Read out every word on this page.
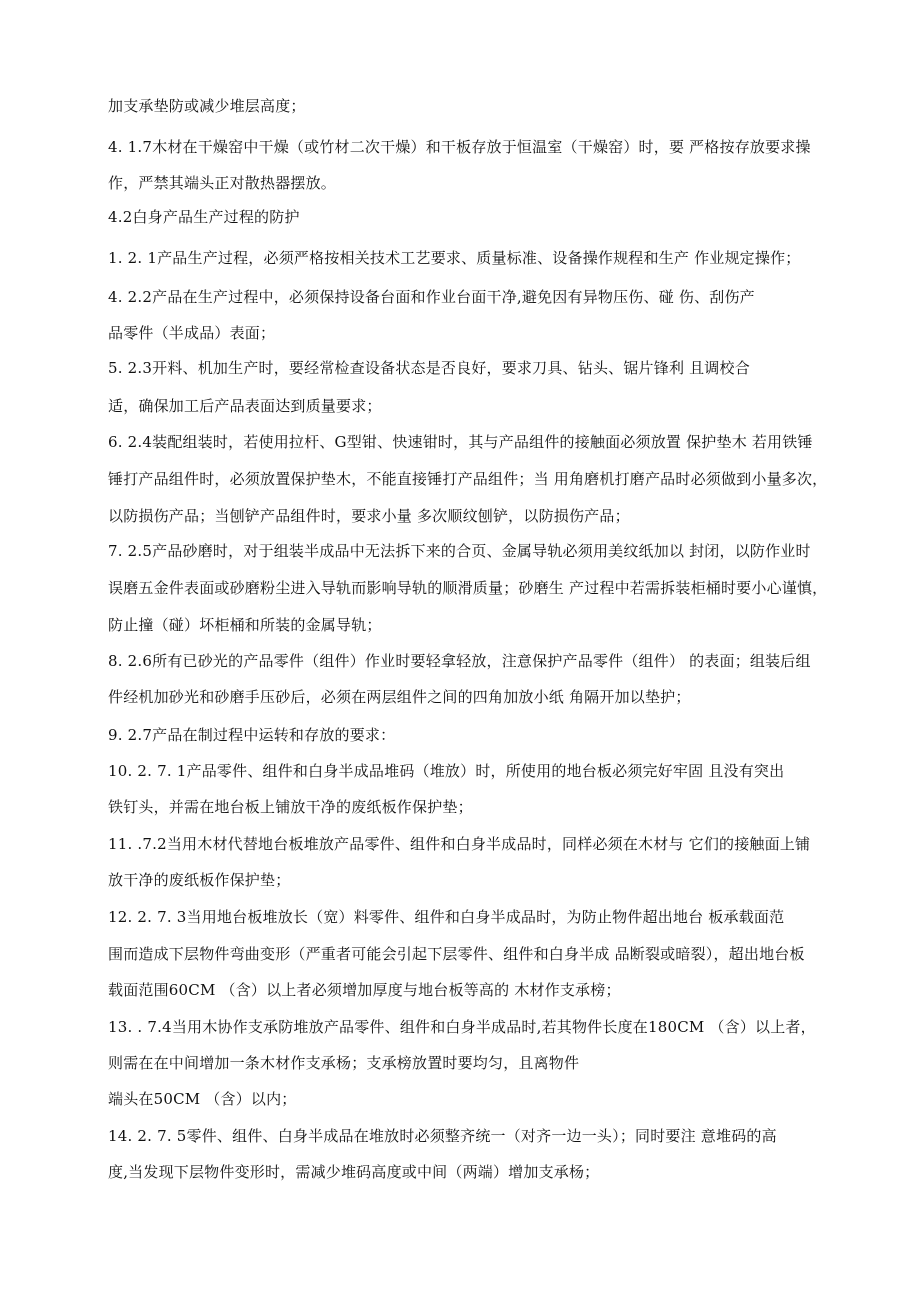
加支承垫防或减少堆层高度；
4. 1.7木材在干燥窑中干燥（或竹材二次干燥）和干板存放于恒温室（干燥窑）时，要 严格按存放要求操
作，严禁其端头正对散热器摆放。
4.2白身产品生产过程的防护
1. 2. 1产品生产过程，必须严格按相关技术工艺要求、质量标准、设备操作规程和生产 作业规定操作；
4. 2.2产品在生产过程中，必须保持设备台面和作业台面干净,避免因有异物压伤、碰 伤、刮伤产
品零件（半成品）表面；
5. 2.3开料、机加生产时，要经常检查设备状态是否良好，要求刀具、钻头、锯片锋利 且调校合
适，确保加工后产品表面达到质量要求；
6. 2.4装配组装时，若使用拉杆、G型钳、快速钳时，其与产品组件的接触面必须放置 保护垫木 若用铁锤
锤打产品组件时，必须放置保护垫木，不能直接锤打产品组件；当 用角磨机打磨产品时必须做到小量多次，
以防损伤产品；当刨铲产品组件时，要求小量 多次顺纹刨铲，以防损伤产品；
7. 2.5产品砂磨时，对于组装半成品中无法拆下来的合页、金属导轨必须用美纹纸加以 封闭，以防作业时
误磨五金件表面或砂磨粉尘进入导轨而影响导轨的顺滑质量；砂磨生 产过程中若需拆装柜桶时要小心谨慎，
防止撞（碰）坏柜桶和所装的金属导轨；
8. 2.6所有已砂光的产品零件（组件）作业时要轻拿轻放，注意保护产品零件（组件） 的表面；组装后组
件经机加砂光和砂磨手压砂后，必须在两层组件之间的四角加放小纸 角隔开加以垫护；
9. 2.7产品在制过程中运转和存放的要求：
10. 2. 7. 1产品零件、组件和白身半成品堆码（堆放）时，所使用的地台板必须完好牢固 且没有突出
铁钉头，并需在地台板上铺放干净的废纸板作保护垫；
11. .7.2当用木材代替地台板堆放产品零件、组件和白身半成品时，同样必须在木材与 它们的接触面上铺
放干净的废纸板作保护垫；
12. 2. 7. 3当用地台板堆放长（宽）料零件、组件和白身半成品时，为防止物件超出地台 板承载面范
围而造成下层物件弯曲变形（严重者可能会引起下层零件、组件和白身半成 品断裂或暗裂），超出地台板
载面范围60CM （含）以上者必须增加厚度与地台板等高的 木材作支承榜；
13. . 7.4当用木协作支承防堆放产品零件、组件和白身半成品时,若其物件长度在180CM （含）以上者，
则需在在中间增加一条木材作支承杨；支承榜放置时要均匀，且离物件
端头在50CM （含）以内；
14. 2. 7. 5零件、组件、白身半成品在堆放时必须整齐统一（对齐一边一头）；同时要注 意堆码的高
度,当发现下层物件变形时，需减少堆码高度或中间（两端）增加支承杨；
